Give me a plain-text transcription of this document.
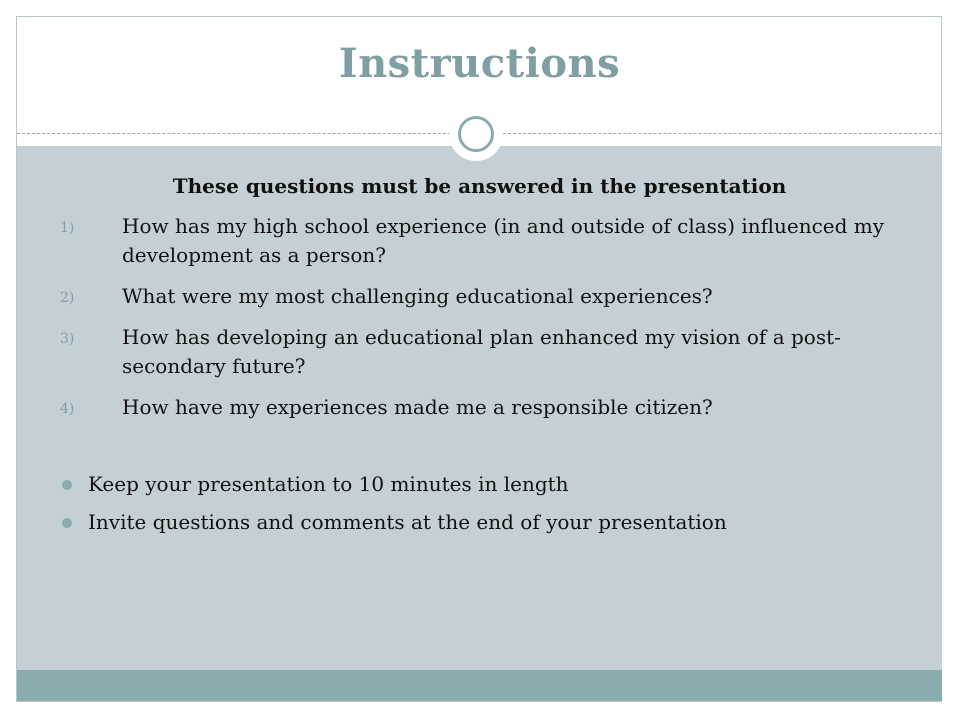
Instructions

These questions must be answered in the presentation

1) How has my high school experience (in and outside of class) influenced my development as a person?
2) What were my most challenging educational experiences?
3) How has developing an educational plan enhanced my vision of a post-secondary future?
4) How have my experiences made me a responsible citizen?
Keep your presentation to 10 minutes in length
Invite questions and comments at the end of your presentation
